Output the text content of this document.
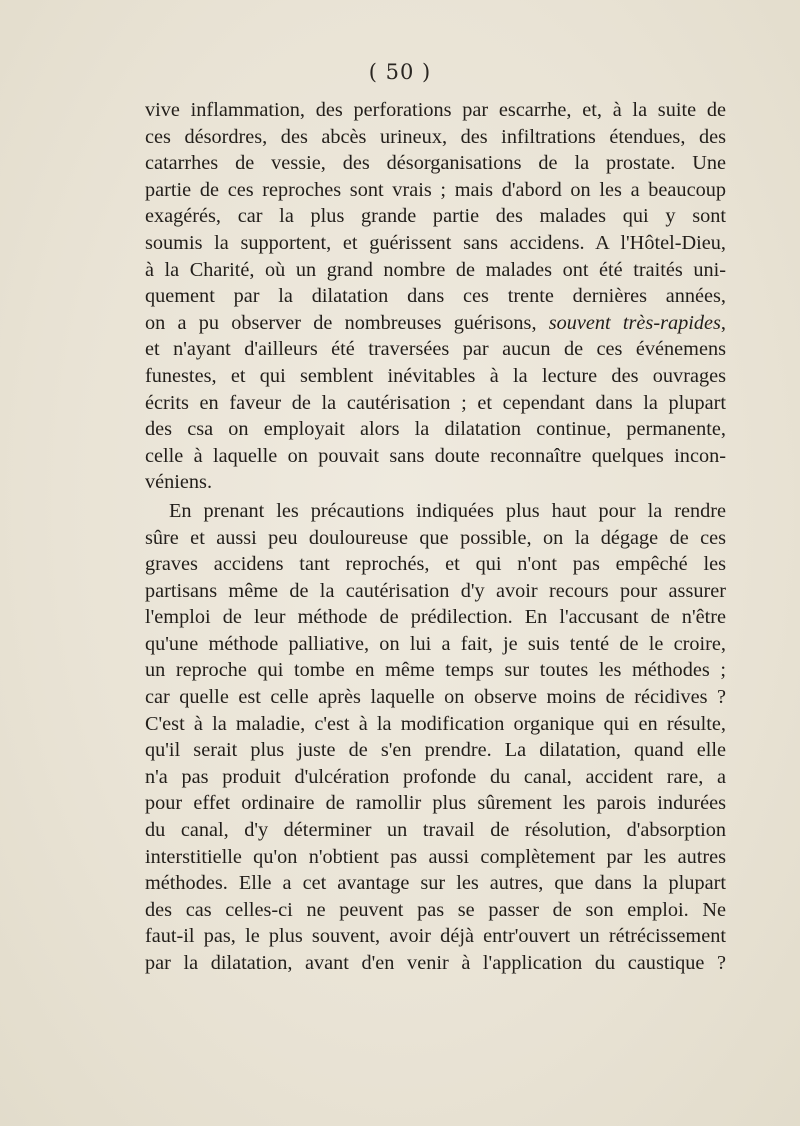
( 50 )
vive inflammation, des perforations par escarrhe, et, à la suite de
ces désordres, des abcès urineux, des infiltrations étendues, des
catarrhes de vessie, des désorganisations de la prostate. Une
partie de ces reproches sont vrais ; mais d'abord on les a beaucoup
exagérés, car la plus grande partie des malades qui y sont
soumis la supportent, et guérissent sans accidens. A l'Hôtel-Dieu,
à la Charité, où un grand nombre de malades ont été traités uni-
quement par la dilatation dans ces trente dernières années,
on a pu observer de nombreuses guérisons, souvent très-rapides,
et n'ayant d'ailleurs été traversées par aucun de ces événemens
funestes, et qui semblent inévitables à la lecture des ouvrages
écrits en faveur de la cautérisation ; et cependant dans la plupart
des csa on employait alors la dilatation continue, permanente,
celle à laquelle on pouvait sans doute reconnaître quelques incon-
véniens.
En prenant les précautions indiquées plus haut pour la rendre
sûre et aussi peu douloureuse que possible, on la dégage de ces
graves accidens tant reprochés, et qui n'ont pas empêché les
partisans même de la cautérisation d'y avoir recours pour assurer
l'emploi de leur méthode de prédilection. En l'accusant de n'être
qu'une méthode palliative, on lui a fait, je suis tenté de le croire,
un reproche qui tombe en même temps sur toutes les méthodes ;
car quelle est celle après laquelle on observe moins de récidives ?
C'est à la maladie, c'est à la modification organique qui en résulte,
qu'il serait plus juste de s'en prendre. La dilatation, quand elle
n'a pas produit d'ulcération profonde du canal, accident rare, a
pour effet ordinaire de ramollir plus sûrement les parois indurées
du canal, d'y déterminer un travail de résolution, d'absorption
interstitielle qu'on n'obtient pas aussi complètement par les autres
méthodes. Elle a cet avantage sur les autres, que dans la plupart
des cas celles-ci ne peuvent pas se passer de son emploi. Ne
faut-il pas, le plus souvent, avoir déjà entr'ouvert un rétrécissement
par la dilatation, avant d'en venir à l'application du caustique ?
